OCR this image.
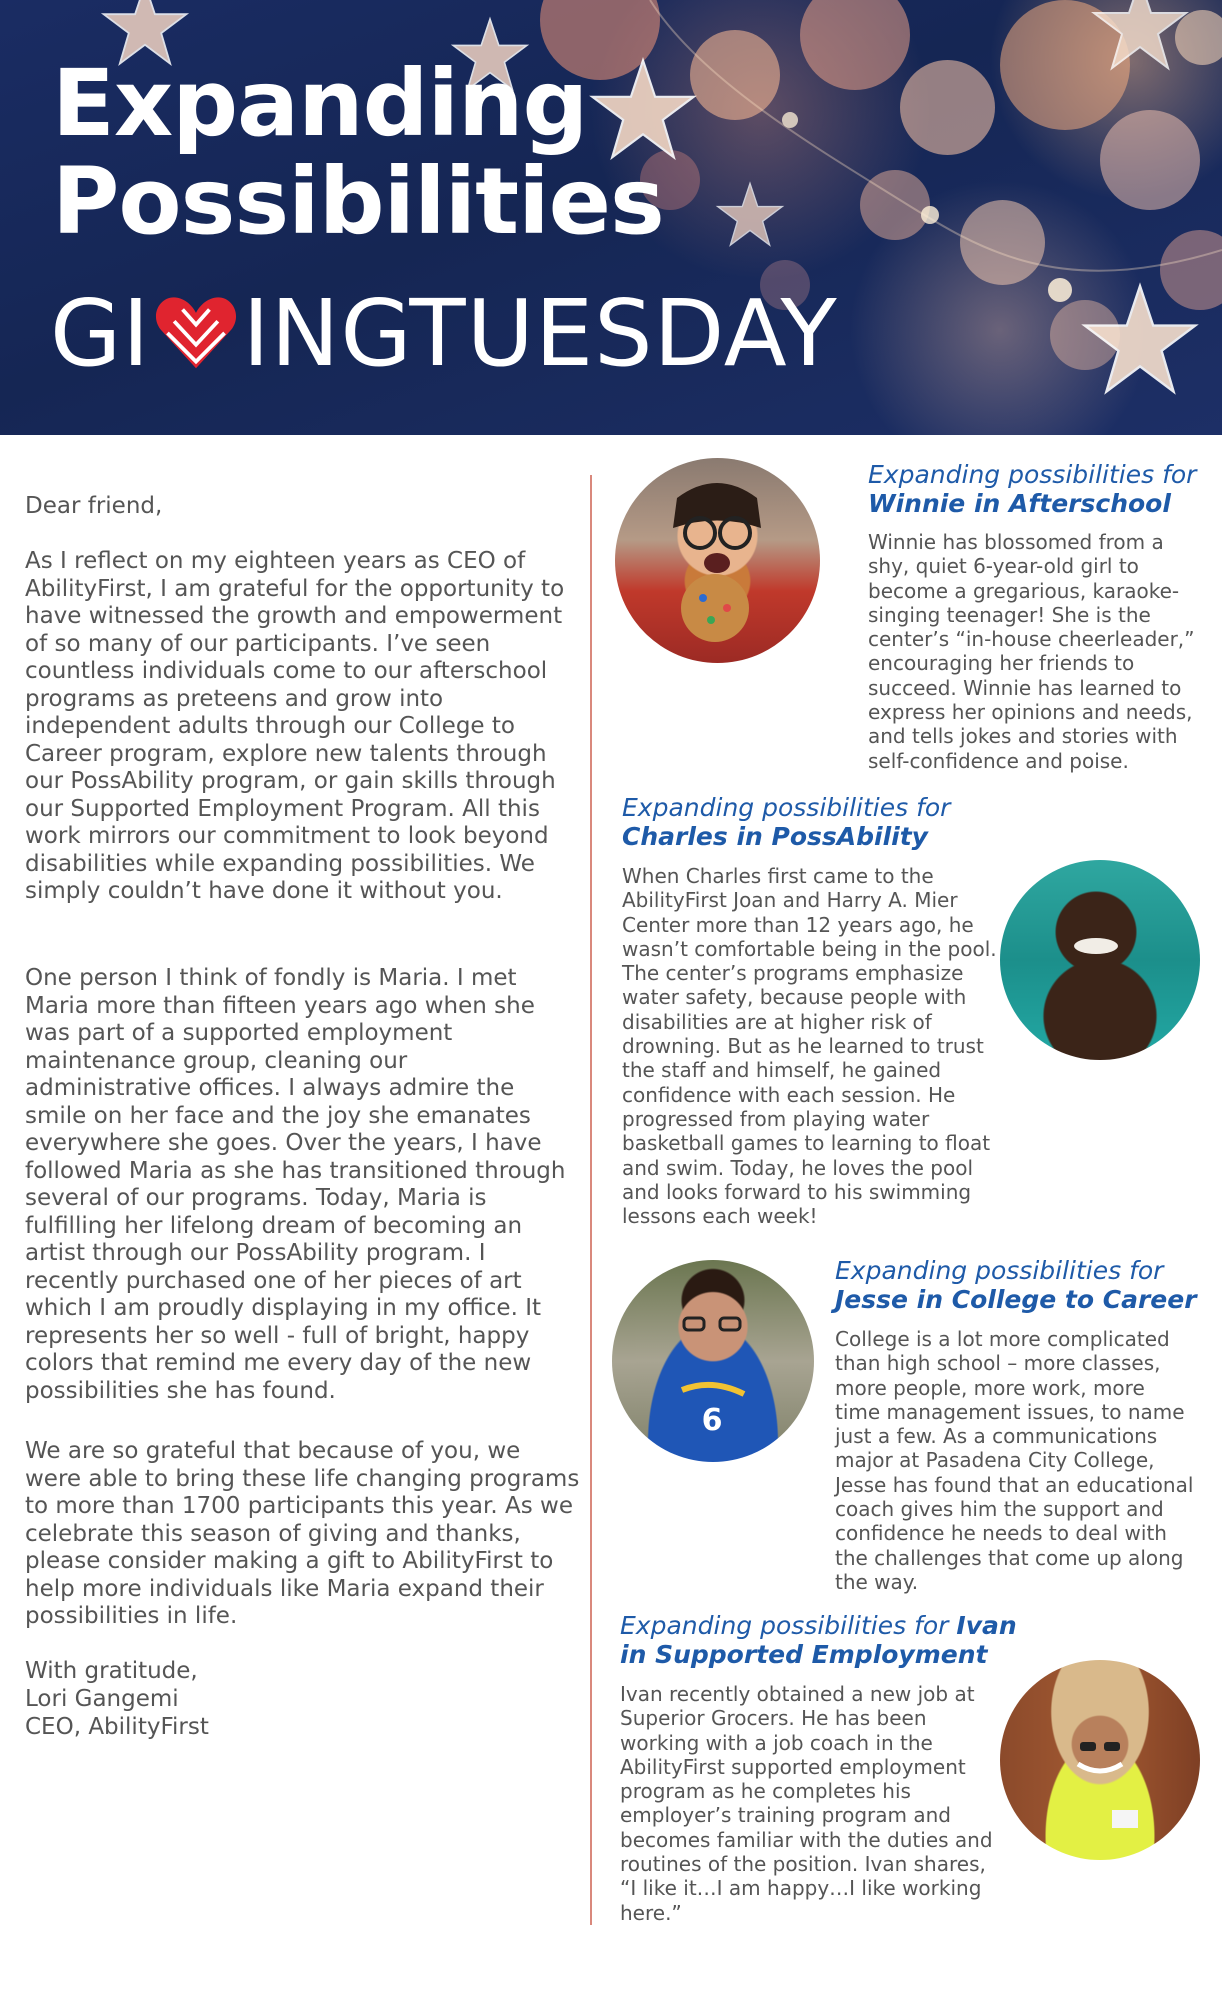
Expanding
Possibilities
GI INGTUESDAY

Dear friend,

As I reflect on my eighteen years as CEO of AbilityFirst, I am grateful for the opportunity to have witnessed the growth and empowerment of so many of our participants. I’ve seen countless individuals come to our afterschool programs as preteens and grow into independent adults through our College to Career program, explore new talents through our PossAbility program, or gain skills through our Supported Employment Program. All this work mirrors our commitment to look beyond disabilities while expanding possibilities. We simply couldn’t have done it without you.

One person I think of fondly is Maria. I met Maria more than fifteen years ago when she was part of a supported employment maintenance group, cleaning our administrative offices. I always admire the smile on her face and the joy she emanates everywhere she goes. Over the years, I have followed Maria as she has transitioned through several of our programs. Today, Maria is fulfilling her lifelong dream of becoming an artist through our PossAbility program. I recently purchased one of her pieces of art which I am proudly displaying in my office. It represents her so well - full of bright, happy colors that remind me every day of the new possibilities she has found.

We are so grateful that because of you, we were able to bring these life changing programs to more than 1700 participants this year. As we celebrate this season of giving and thanks, please consider making a gift to AbilityFirst to help more individuals like Maria expand their possibilities in life.

With gratitude,

Lori Gangemi

CEO, AbilityFirst

Expanding possibilities for
Winnie in Afterschool

Winnie has blossomed from a shy, quiet 6-year-old girl to become a gregarious, karaoke-singing teenager! She is the center’s “in-house cheerleader,” encouraging her friends to succeed. Winnie has learned to express her opinions and needs, and tells jokes and stories with self-confidence and poise.

Expanding possibilities for
Charles in PossAbility

When Charles first came to the AbilityFirst Joan and Harry A. Mier Center more than 12 years ago, he wasn’t comfortable being in the pool. The center’s programs emphasize water safety, because people with disabilities are at higher risk of drowning. But as he learned to trust the staff and himself, he gained confidence with each session. He progressed from playing water basketball games to learning to float and swim. Today, he loves the pool and looks forward to his swimming lessons each week!

6
Expanding possibilities for
Jesse in College to Career

College is a lot more complicated than high school – more classes, more people, more work, more time management issues, to name just a few. As a communications major at Pasadena City College, Jesse has found that an educational coach gives him the support and confidence he needs to deal with the challenges that come up along the way.

Expanding possibilities for Ivan
in Supported Employment

Ivan recently obtained a new job at Superior Grocers. He has been working with a job coach in the AbilityFirst supported employment program as he completes his employer’s training program and becomes familiar with the duties and routines of the position. Ivan shares, “I like it…I am happy…I like working here.”
